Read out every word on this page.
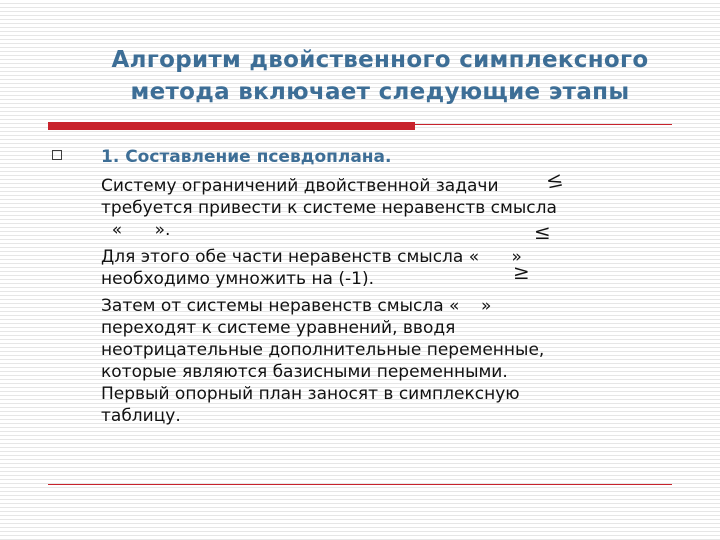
Алгоритм двойственного симплексного
метода включает следующие этапы
1. Составление псевдоплана.
Систему ограничений двойственной задачи
требуется привести к системе неравенств смысла
«      ».
Для этого обе части неравенств смысла «      »
необходимо умножить на (-1).
Затем от системы неравенств смысла «    »
переходят к системе уравнений, вводя
неотрицательные дополнительные переменные,
которые являются базисными переменными.
Первый опорный план заносят в симплексную
таблицу.
≤
≤
≥
